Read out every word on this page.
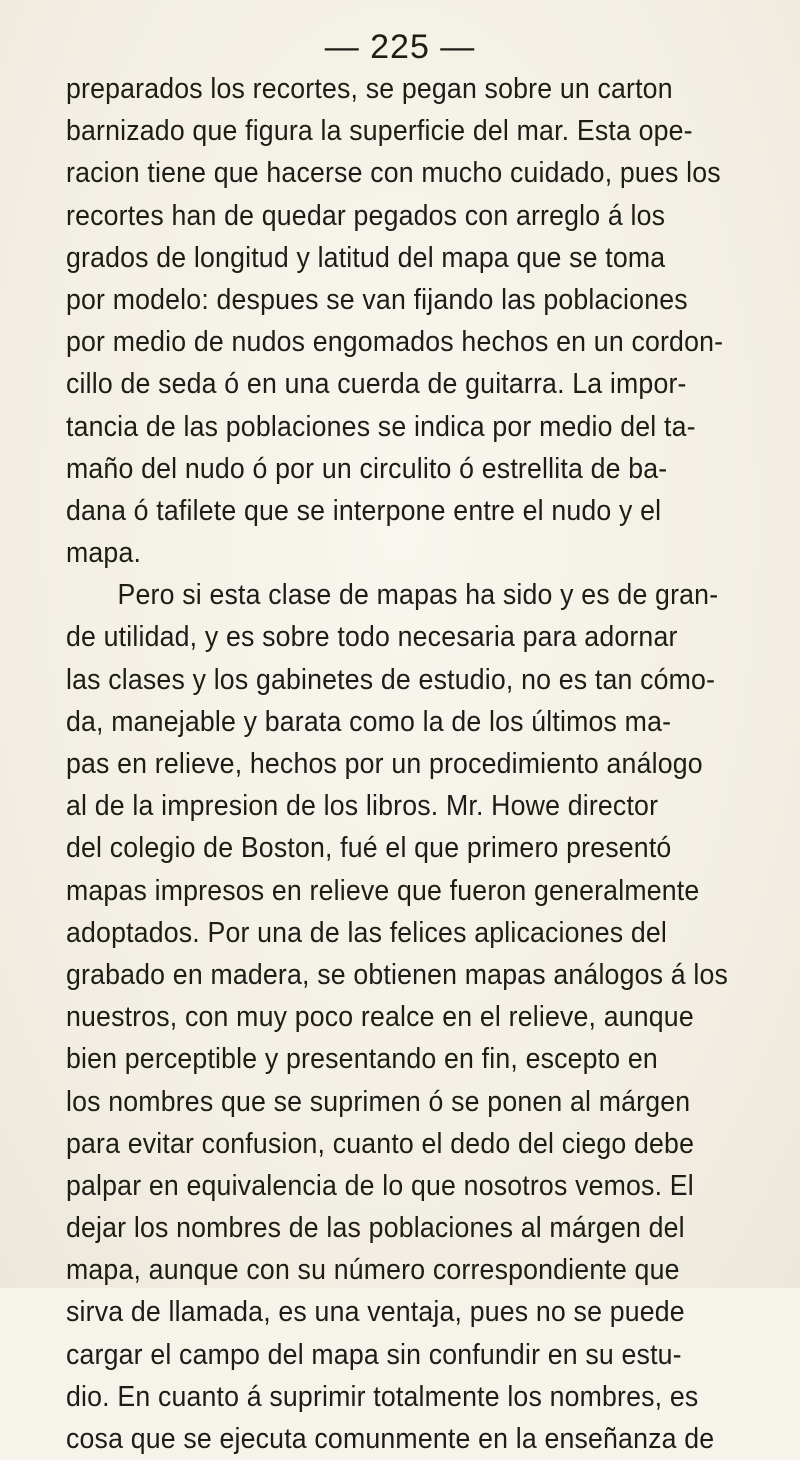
— 225 —
preparados los recortes, se pegan sobre un carton
barnizado que figura la superficie del mar. Esta ope-
racion tiene que hacerse con mucho cuidado, pues los
recortes han de quedar pegados con arreglo á los
grados de longitud y latitud del mapa que se toma
por modelo: despues se van fijando las poblaciones
por medio de nudos engomados hechos en un cordon-
cillo de seda ó en una cuerda de guitarra. La impor-
tancia de las poblaciones se indica por medio del ta-
maño del nudo ó por un circulito ó estrellita de ba-
dana ó tafilete que se interpone entre el nudo y el
mapa.
Pero si esta clase de mapas ha sido y es de gran-
de utilidad, y es sobre todo necesaria para adornar
las clases y los gabinetes de estudio, no es tan cómo-
da, manejable y barata como la de los últimos ma-
pas en relieve, hechos por un procedimiento análogo
al de la impresion de los libros. Mr. Howe director
del colegio de Boston, fué el que primero presentó
mapas impresos en relieve que fueron generalmente
adoptados. Por una de las felices aplicaciones del
grabado en madera, se obtienen mapas análogos á los
nuestros, con muy poco realce en el relieve, aunque
bien perceptible y presentando en fin, escepto en
los nombres que se suprimen ó se ponen al márgen
para evitar confusion, cuanto el dedo del ciego debe
palpar en equivalencia de lo que nosotros vemos. El
dejar los nombres de las poblaciones al márgen del
mapa, aunque con su número correspondiente que
sirva de llamada, es una ventaja, pues no se puede
cargar el campo del mapa sin confundir en su estu-
dio. En cuanto á suprimir totalmente los nombres, es
cosa que se ejecuta comunmente en la enseñanza de
